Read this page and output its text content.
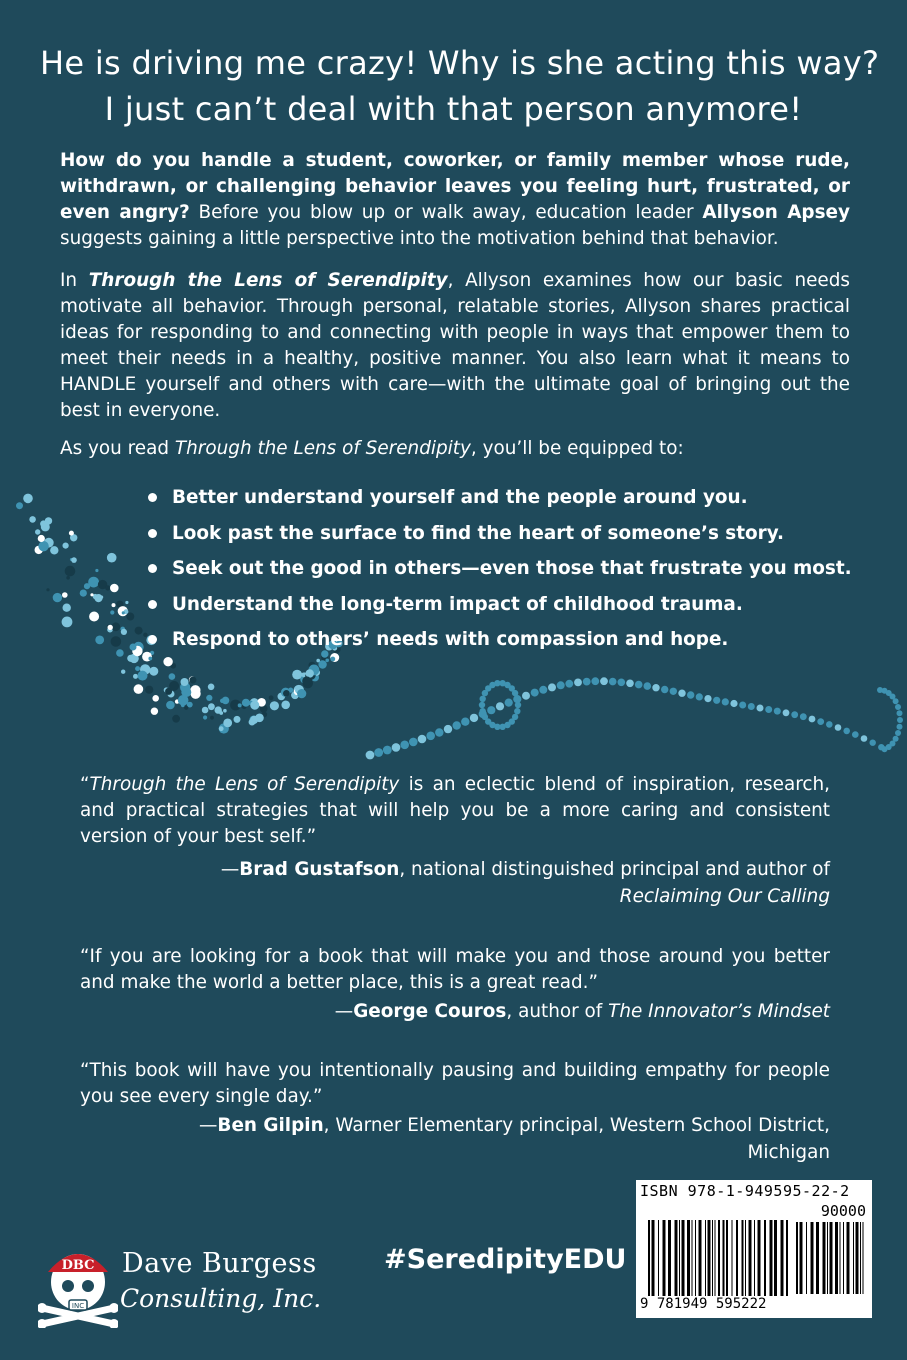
He is driving me crazy! Why is she acting this way?
I just can’t deal with that person anymore!

How do you handle a student, coworker, or family member whose rude, withdrawn, or challenging behavior leaves you feeling hurt, frustrated, or even angry? Before you blow up or walk away, education leader Allyson Apsey suggests gaining a little perspective into the motivation behind that behavior.

In Through the Lens of Serendipity, Allyson examines how our basic needs motivate all behavior. Through personal, relatable stories, Allyson shares practical ideas for responding to and connecting with people in ways that empower them to meet their needs in a healthy, positive manner. You also learn what it means to HANDLE yourself and others with care—with the ultimate goal of bringing out the best in everyone.

As you read Through the Lens of Serendipity, you’ll be equipped to:

Better understand yourself and the people around you.
Look past the surface to find the heart of someone’s story.
Seek out the good in others—even those that frustrate you most.
Understand the long-term impact of childhood trauma.
Respond to others’ needs with compassion and hope.

“Through the Lens of Serendipity is an eclectic blend of inspiration, research, and practical strategies that will help you be a more caring and consistent version of your best self.”

—Brad Gustafson, national distinguished principal and author of
Reclaiming Our Calling

“If you are looking for a book that will make you and those around you better and make the world a better place, this is a great read.”

—George Couros, author of The Innovator’s Mindset

“This book will have you intentionally pausing and building empathy for people you see every single day.”

—Ben Gilpin, Warner Elementary principal, Western School District,
Michigan
DBC
INC
Dave Burgess
Consulting, Inc.
#SeredipityEDU
ISBN 978-1-949595-22-2
90000
9 781949 595222
